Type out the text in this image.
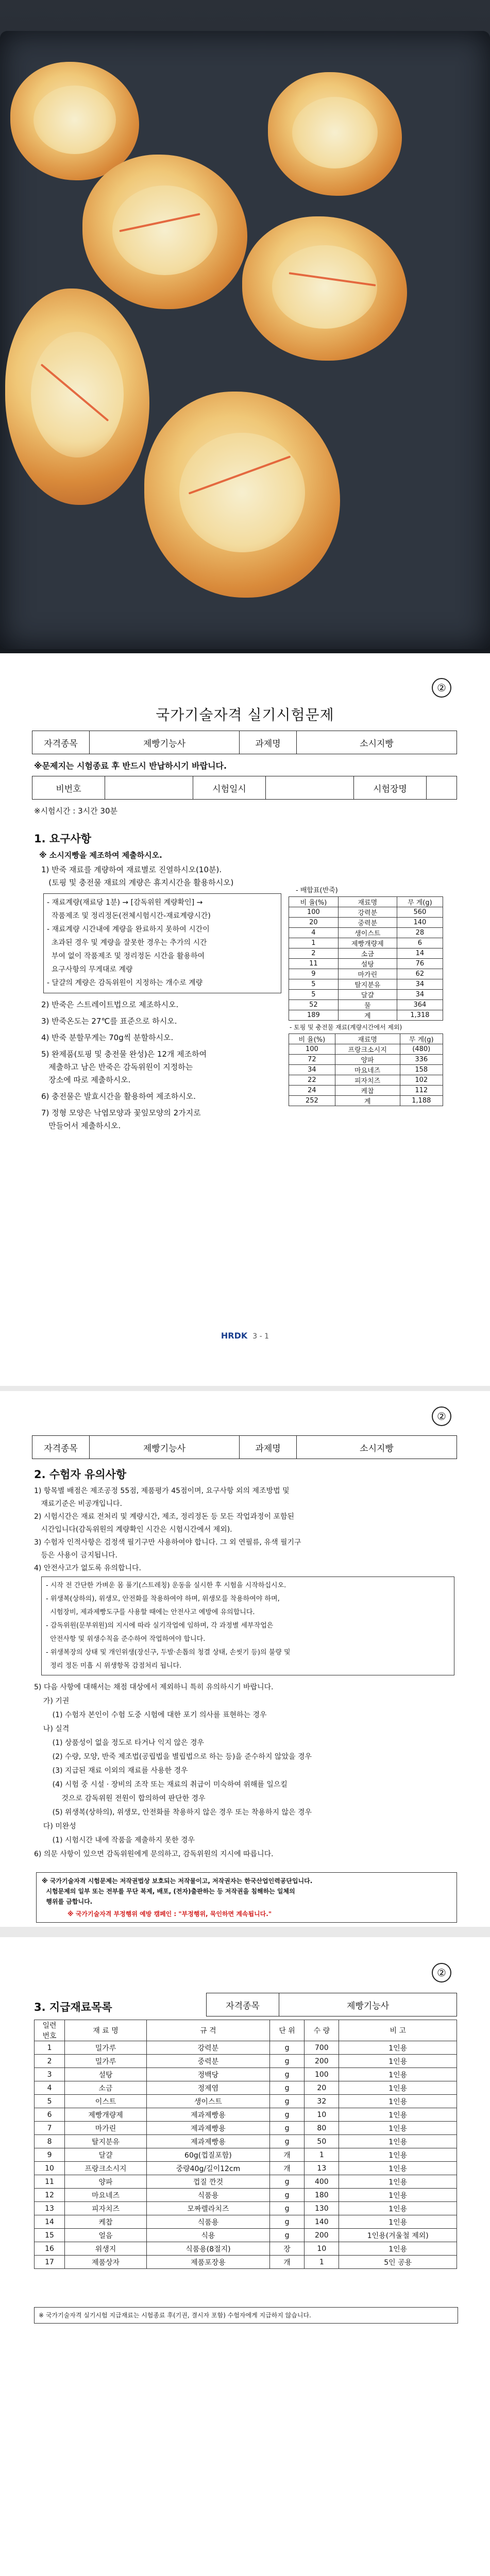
②
국가기술자격 실기시험문제
자격종목	제빵기능사	과제명	소시지빵
※문제지는 시험종료 후 반드시 반납하시기 바랍니다.
비번호		시험일시		시험장명	
※시험시간 : 3시간 30분
1. 요구사항
※ 소시지빵을 제조하여 제출하시오.
1) 반죽 재료를 계량하여 재료별로 진열하시오(10분).
(토핑 및 충전물 재료의 계량은 휴지시간을 활용하시오)
- 재료계량(재료당 1분) → [감독위원 계량확인] →
작품제조 및 정리정돈(전체시험시간-재료계량시간)
- 재료계량 시간내에 계량을 완료하지 못하여 시간이
초과된 경우 및 계량을 잘못한 경우는 추가의 시간
부여 없이 작품제조 및 정리정돈 시간을 활용하여
요구사항의 무게대로 계량
- 달걀의 계량은 감독위원이 지정하는 개수로 계량
2) 반죽은 스트레이트법으로 제조하시오.
3) 반죽온도는 27℃를 표준으로 하시오.
4) 반죽 분할무게는 70g씩 분할하시오.
5) 완제품(토핑 및 충전물 완성)은 12개 제조하여
제출하고 남은 반죽은 감독위원이 지정하는
장소에 따로 제출하시오.
6) 충전물은 발효시간을 활용하여 제조하시오.
7) 정형 모양은 낙엽모양과 꽃잎모양의 2가지로
만들어서 제출하시오.
- 배합표(반죽)
비 율(%)	재료명	무 게(g)
100	강력분	560
20	중력분	140
4	생이스트	28
1	제빵개량제	6
2	소금	14
11	설탕	76
9	마가린	62
5	탈지분유	34
5	달걀	34
52	물	364
189	계	1,318
- 토핑 및 충전물 재료(계량시간에서 제외)
비 율(%)	재료명	무 게(g)
100	프랑크소시지	(480)
72	양파	336
34	마요네즈	158
22	피자치즈	102
24	케찹	112
252	계	1,188
HRDK 3 - 1
②
자격종목	제빵기능사	과제명	소시지빵
2. 수험자 유의사항
1) 항목별 배점은 제조공정 55점, 제품평가 45점이며, 요구사항 외의 제조방법 및
재료기준은 비공개입니다.
2) 시험시간은 재료 전처리 및 계량시간, 제조, 정리정돈 등 모든 작업과정이 포함된
시간입니다(감독위원의 계량확인 시간은 시험시간에서 제외).
3) 수험자 인적사항은 검정색 필기구만 사용하여야 합니다. 그 외 연필류, 유색 필기구
등은 사용이 금지됩니다.
4) 안전사고가 없도록 유의합니다.
- 시작 전 간단한 가벼운 몸 풀기(스트레칭) 운동을 실시한 후 시험을 시작하십시오.
- 위생복(상하의), 위생모, 안전화를 착용하여야 하며, 위생모를 착용하여야 하며,
시험장비, 제과제빵도구를 사용할 때에는 안전사고 예방에 유의합니다.
- 감독위원(문부위원)의 지시에 따라 실기작업에 임하며, 각 과정별 세부작업은
안전사항 및 위생수칙을 준수하여 작업하여야 합니다.
- 위생복장의 상태 및 개인위생(장신구, 두발·손톱의 청결 상태, 손씻기 등)의 불량 및
정리 정돈 미흡 시 위생항목 감점처리 됩니다.
5) 다음 사항에 대해서는 채점 대상에서 제외하니 특히 유의하시기 바랍니다.
가) 기권
(1) 수험자 본인이 수험 도중 시험에 대한 포기 의사를 표현하는 경우
나) 실격
(1) 상품성이 없을 정도로 타거나 익지 않은 경우
(2) 수량, 모양, 반죽 제조법(공립법을 별립법으로 하는 등)을 준수하지 않았을 경우
(3) 지급된 재료 이외의 재료를 사용한 경우
(4) 시험 중 시설 · 장비의 조작 또는 재료의 취급이 미숙하여 위해를 일으킬
것으로 감독위원 전원이 합의하여 판단한 경우
(5) 위생복(상하의), 위생모, 안전화를 착용하지 않은 경우 또는 착용하지 않은 경우
다) 미완성
(1) 시험시간 내에 작품을 제출하지 못한 경우
6) 의문 사항이 있으면 감독위원에게 문의하고, 감독위원의 지시에 따릅니다.
※ 국가기술자격 시험문제는 저작권법상 보호되는 저작물이고, 저작권자는 한국산업인력공단입니다.
시험문제의 일부 또는 전부를 무단 복제, 배포, (전자)출판하는 등 저작권을 침해하는 일체의
행위를 금합니다.
※ 국가기술자격 부정행위 예방 캠페인 : "부정행위, 묵인하면 계속됩니다."
②
3. 지급재료목록	자격종목	제빵기능사
일련
번호	재 료 명	규 격	단 위	수 량	비 고
1	밀가루	강력분	g	700	1인용
2	밀가루	중력분	g	200	1인용
3	설탕	정백당	g	100	1인용
4	소금	정제염	g	20	1인용
5	이스트	생이스트	g	32	1인용
6	제빵개량제	제과제빵용	g	10	1인용
7	마가린	제과제빵용	g	80	1인용
8	탈지분유	제과제빵용	g	50	1인용
9	달걀	60g(껍질포함)	개	1	1인용
10	프랑크소시지	중량40g/길이12cm	개	13	1인용
11	양파	껍질 깐것	g	400	1인용
12	마요네즈	식품용	g	180	1인용
13	피자치즈	모짜렐라치즈	g	130	1인용
14	케찹	식품용	g	140	1인용
15	얼음	식용	g	200	1인용(겨울철 제외)
16	위생지	식품용(8절지)	장	10	1인용
17	제품상자	제품포장용	개	1	5인 공용
※ 국가기술자격 실기시험 지급재료는 시험종료 후(기권, 결시자 포함) 수험자에게 지급하지 않습니다.
